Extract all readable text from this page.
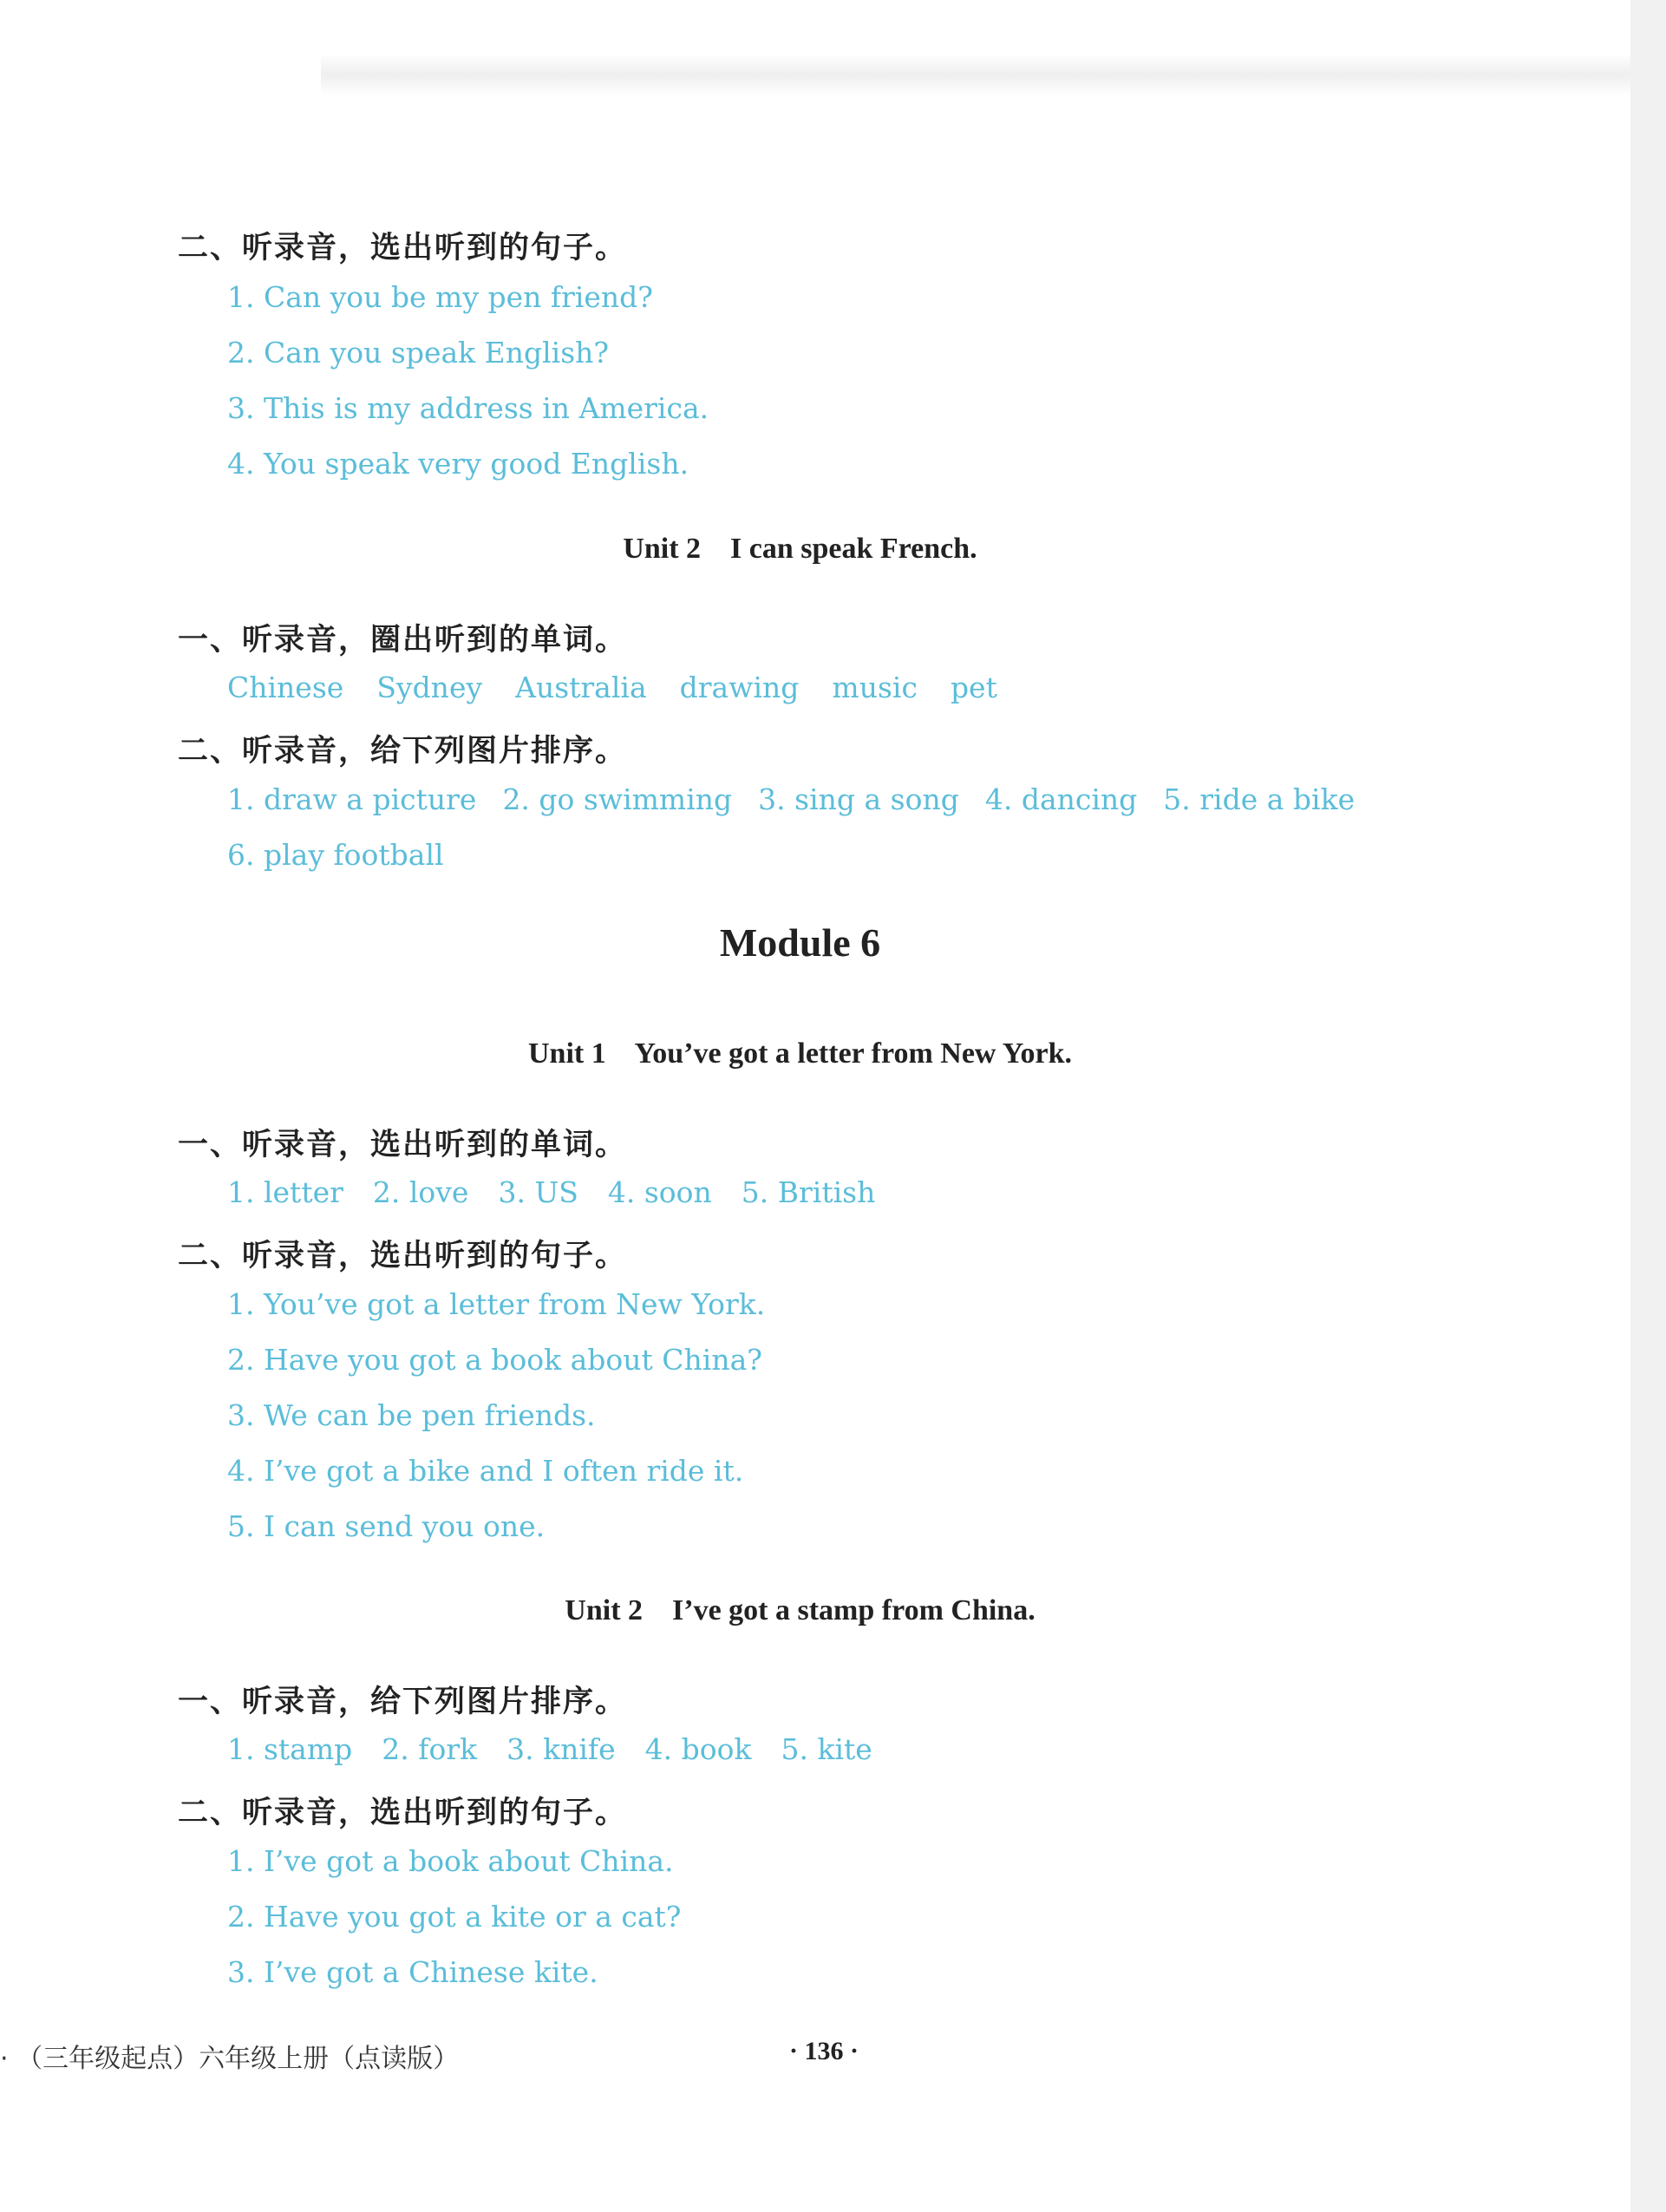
二、听录音，选出听到的句子。
1. Can you be my pen friend?
2. Can you speak English?
3. This is my address in America.
4. You speak very good English.
Unit 2    I can speak French.
一、听录音，圈出听到的单词。
Chinese Sydney Australia drawing music pet
二、听录音，给下列图片排序。
1. draw a picture 2. go swimming 3. sing a song 4. dancing 5. ride a bike
6. play football
Module 6
Unit 1    You’ve got a letter from New York.
一、听录音，选出听到的单词。
1. letter 2. love 3. US 4. soon 5. British
二、听录音，选出听到的句子。
1. You’ve got a letter from New York.
2. Have you got a book about China?
3. We can be pen friends.
4. I’ve got a bike and I often ride it.
5. I can send you one.
Unit 2    I’ve got a stamp from China.
一、听录音，给下列图片排序。
1. stamp 2. fork 3. knife 4. book 5. kite
二、听录音，选出听到的句子。
1. I’ve got a book about China.
2. Have you got a kite or a cat?
3. I’ve got a Chinese kite.
· （三年级起点）六年级上册（点读版）	· 136 ·
